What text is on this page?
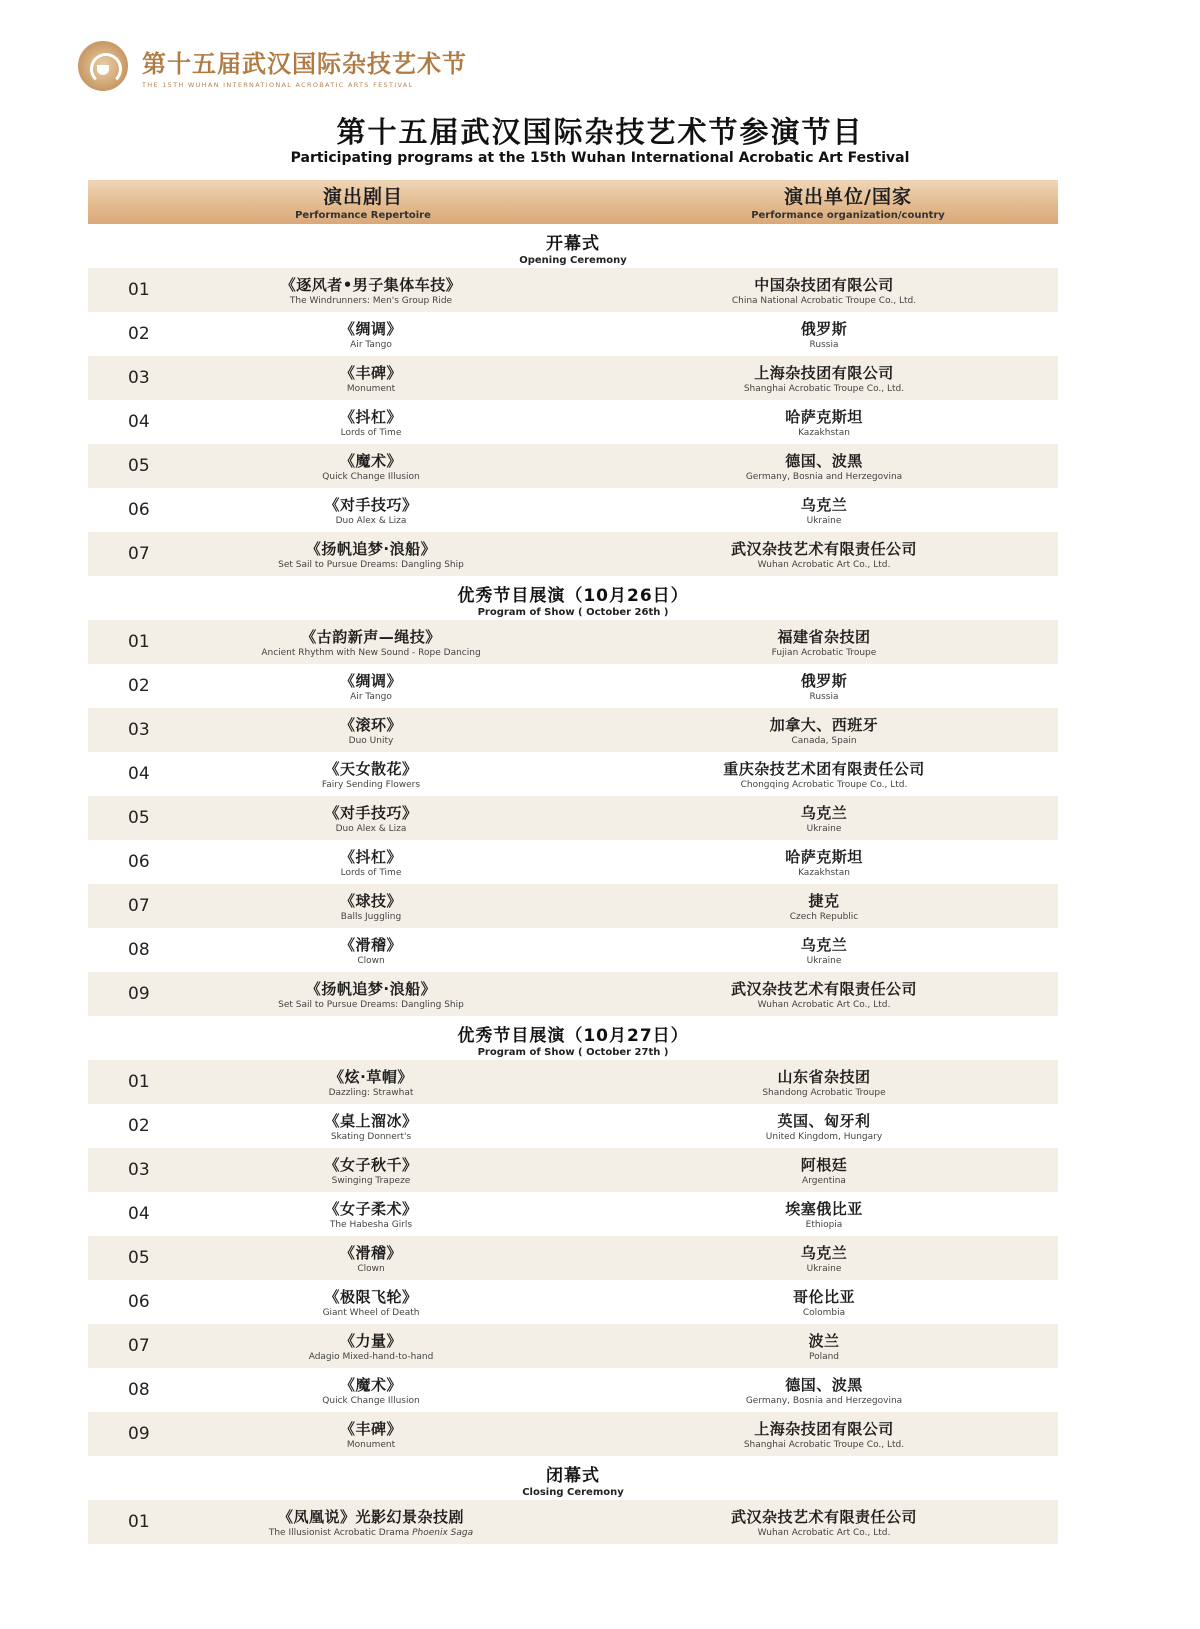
第十五届武汉国际杂技艺术节
THE 15TH WUHAN INTERNATIONAL ACROBATIC ARTS FESTIVAL
第十五届武汉国际杂技艺术节参演节目
Participating programs at the 15th Wuhan International Acrobatic Art Festival
演出剧目
Performance Repertoire
演出单位/国家
Performance organization/country
开幕式
Opening Ceremony
01	《逐风者•男子集体车技》
The Windrunners: Men's Group Ride
中国杂技团有限公司
China National Acrobatic Troupe Co., Ltd.
02	《绸调》
Air Tango
俄罗斯
Russia
03	《丰碑》
Monument
上海杂技团有限公司
Shanghai Acrobatic Troupe Co., Ltd.
04	《抖杠》
Lords of Time
哈萨克斯坦
Kazakhstan
05	《魔术》
Quick Change Illusion
德国、波黑
Germany, Bosnia and Herzegovina
06	《对手技巧》
Duo Alex & Liza
乌克兰
Ukraine
07	《扬帆追梦·浪船》
Set Sail to Pursue Dreams: Dangling Ship
武汉杂技艺术有限责任公司
Wuhan Acrobatic Art Co., Ltd.
优秀节目展演（10月26日）
Program of Show ( October 26th )
01	《古韵新声—绳技》
Ancient Rhythm with New Sound - Rope Dancing
福建省杂技团
Fujian Acrobatic Troupe
02	《绸调》
Air Tango
俄罗斯
Russia
03	《滚环》
Duo Unity
加拿大、西班牙
Canada, Spain
04	《天女散花》
Fairy Sending Flowers
重庆杂技艺术团有限责任公司
Chongqing Acrobatic Troupe Co., Ltd.
05	《对手技巧》
Duo Alex & Liza
乌克兰
Ukraine
06	《抖杠》
Lords of Time
哈萨克斯坦
Kazakhstan
07	《球技》
Balls Juggling
捷克
Czech Republic
08	《滑稽》
Clown
乌克兰
Ukraine
09	《扬帆追梦·浪船》
Set Sail to Pursue Dreams: Dangling Ship
武汉杂技艺术有限责任公司
Wuhan Acrobatic Art Co., Ltd.
优秀节目展演（10月27日）
Program of Show ( October 27th )
01	《炫·草帽》
Dazzling: Strawhat
山东省杂技团
Shandong Acrobatic Troupe
02	《桌上溜冰》
Skating Donnert's
英国、匈牙利
United Kingdom, Hungary
03	《女子秋千》
Swinging Trapeze
阿根廷
Argentina
04	《女子柔术》
The Habesha Girls
埃塞俄比亚
Ethiopia
05	《滑稽》
Clown
乌克兰
Ukraine
06	《极限飞轮》
Giant Wheel of Death
哥伦比亚
Colombia
07	《力量》
Adagio Mixed-hand-to-hand
波兰
Poland
08	《魔术》
Quick Change Illusion
德国、波黑
Germany, Bosnia and Herzegovina
09	《丰碑》
Monument
上海杂技团有限公司
Shanghai Acrobatic Troupe Co., Ltd.
闭幕式
Closing Ceremony
01	《凤凰说》光影幻景杂技剧
The Illusionist Acrobatic Drama Phoenix Saga
武汉杂技艺术有限责任公司
Wuhan Acrobatic Art Co., Ltd.
